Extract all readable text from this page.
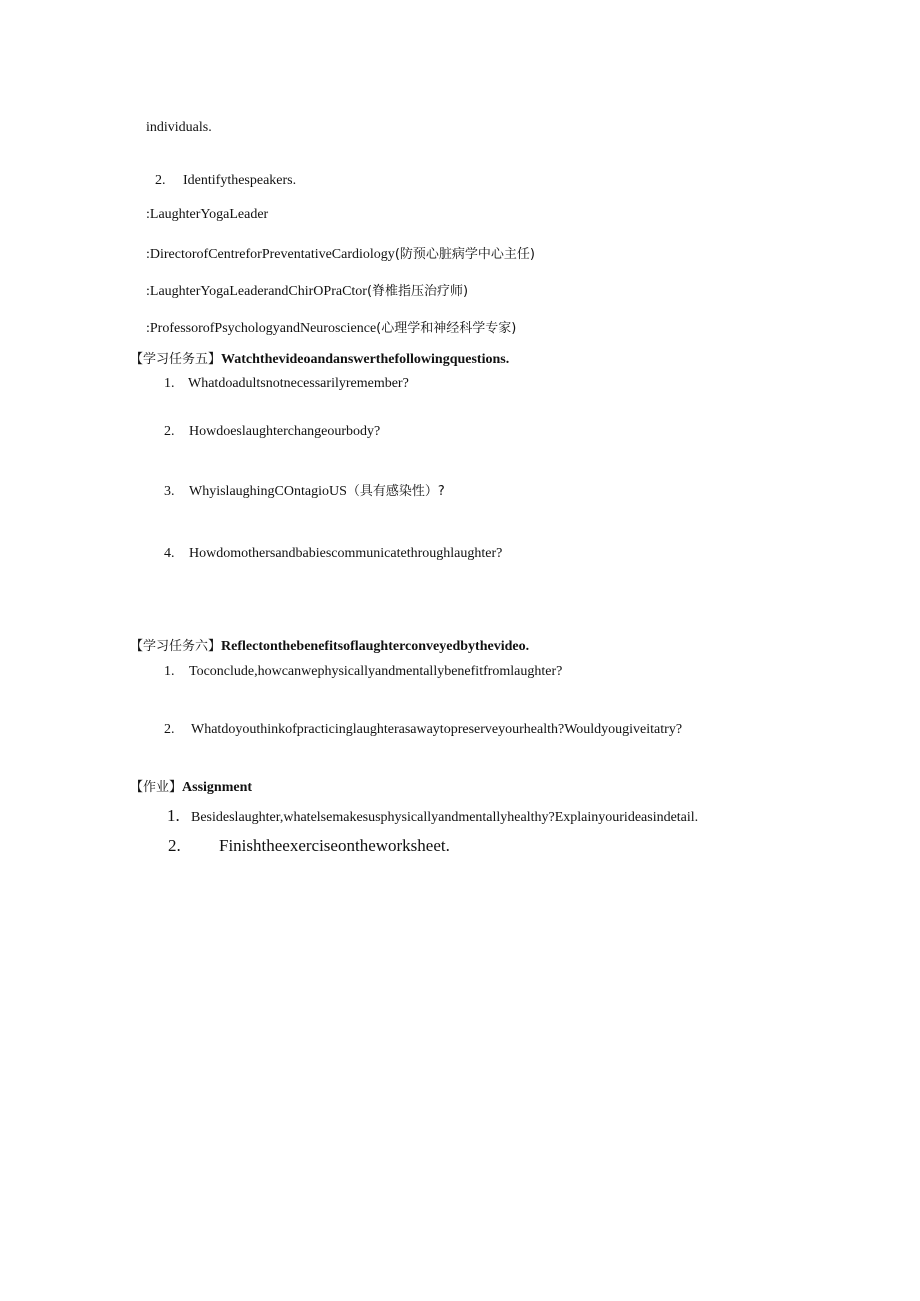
individuals.
2. Identifythespeakers.
:LaughterYogaLeader
:DirectorofCentreforPreventativeCardiology(防预心脏病学中心主任)
:LaughterYogaLeaderandChirOPraCtor(脊椎指压治疗师)
:ProfessorofPsychologyandNeuroscience(心理学和神经科学专家)
【学习任务五】Watchthevideoandanswerthefollowingquestions.
1. Whatdoadultsnotnecessarilyremember?
2. Howdoeslaughterchangeourbody?
3. WhyislaughingCOntagioUS（具有感染性）?
4. Howdomothersandbabiescommunicatethroughlaughter?
【学习任务六】Reflectonthebenefitsoflaughterconveyedbythevideo.
1. Toconclude,howcanwephysicallyandmentallybenefitfromlaughter?
2. Whatdoyouthinkofpracticinglaughterasawaytopreserveyourhealth?Wouldyougiveitatry?
【作业】Assignment
1. Besideslaughter,whatelsemakesusphysicallyandmentallyhealthy?Explainyourideasindetail.
2. Finishtheexerciseontheworksheet.
